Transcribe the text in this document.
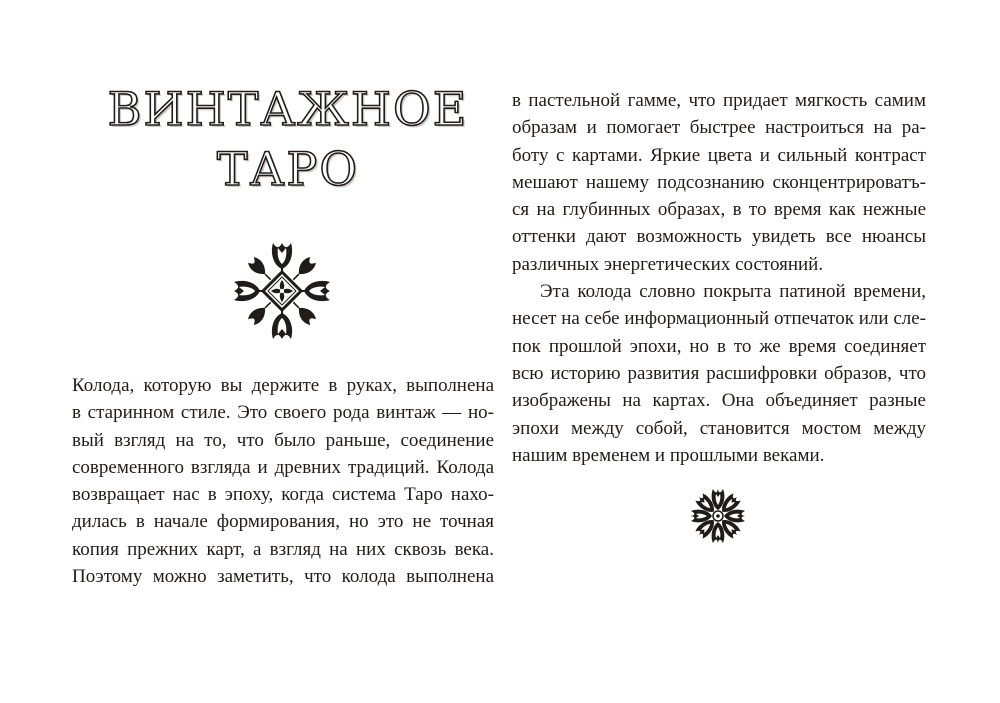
ВИНТАЖНОЕ
ТАРО

Колода, которую вы держите в руках, выполнена
в старинном стиле. Это своего рода винтаж — но-
вый взгляд на то, что было раньше, соединение
современного взгляда и древних традиций. Колода
возвращает нас в эпоху, когда система Таро нахо-
дилась в начале формирования, но это не точная
копия прежних карт, а взгляд на них сквозь века.
Поэтому можно заметить, что колода выполнена

в пастельной гамме, что придает мягкость самим
образам и помогает быстрее настроиться на ра-
боту с картами. Яркие цвета и сильный контраст
мешают нашему подсознанию сконцентрироватъ-
ся на глубинных образах, в то время как нежные
оттенки дают возможность увидеть все нюансы
различных энергетических состояний.

Эта колода словно покрыта патиной времени,
несет на себе информационный отпечаток или сле-
пок прошлой эпохи, но в то же время соединяет
всю историю развития расшифровки образов, что
изображены на картах. Она объединяет разные
эпохи между собой, становится мостом между
нашим временем и прошлыми веками.
